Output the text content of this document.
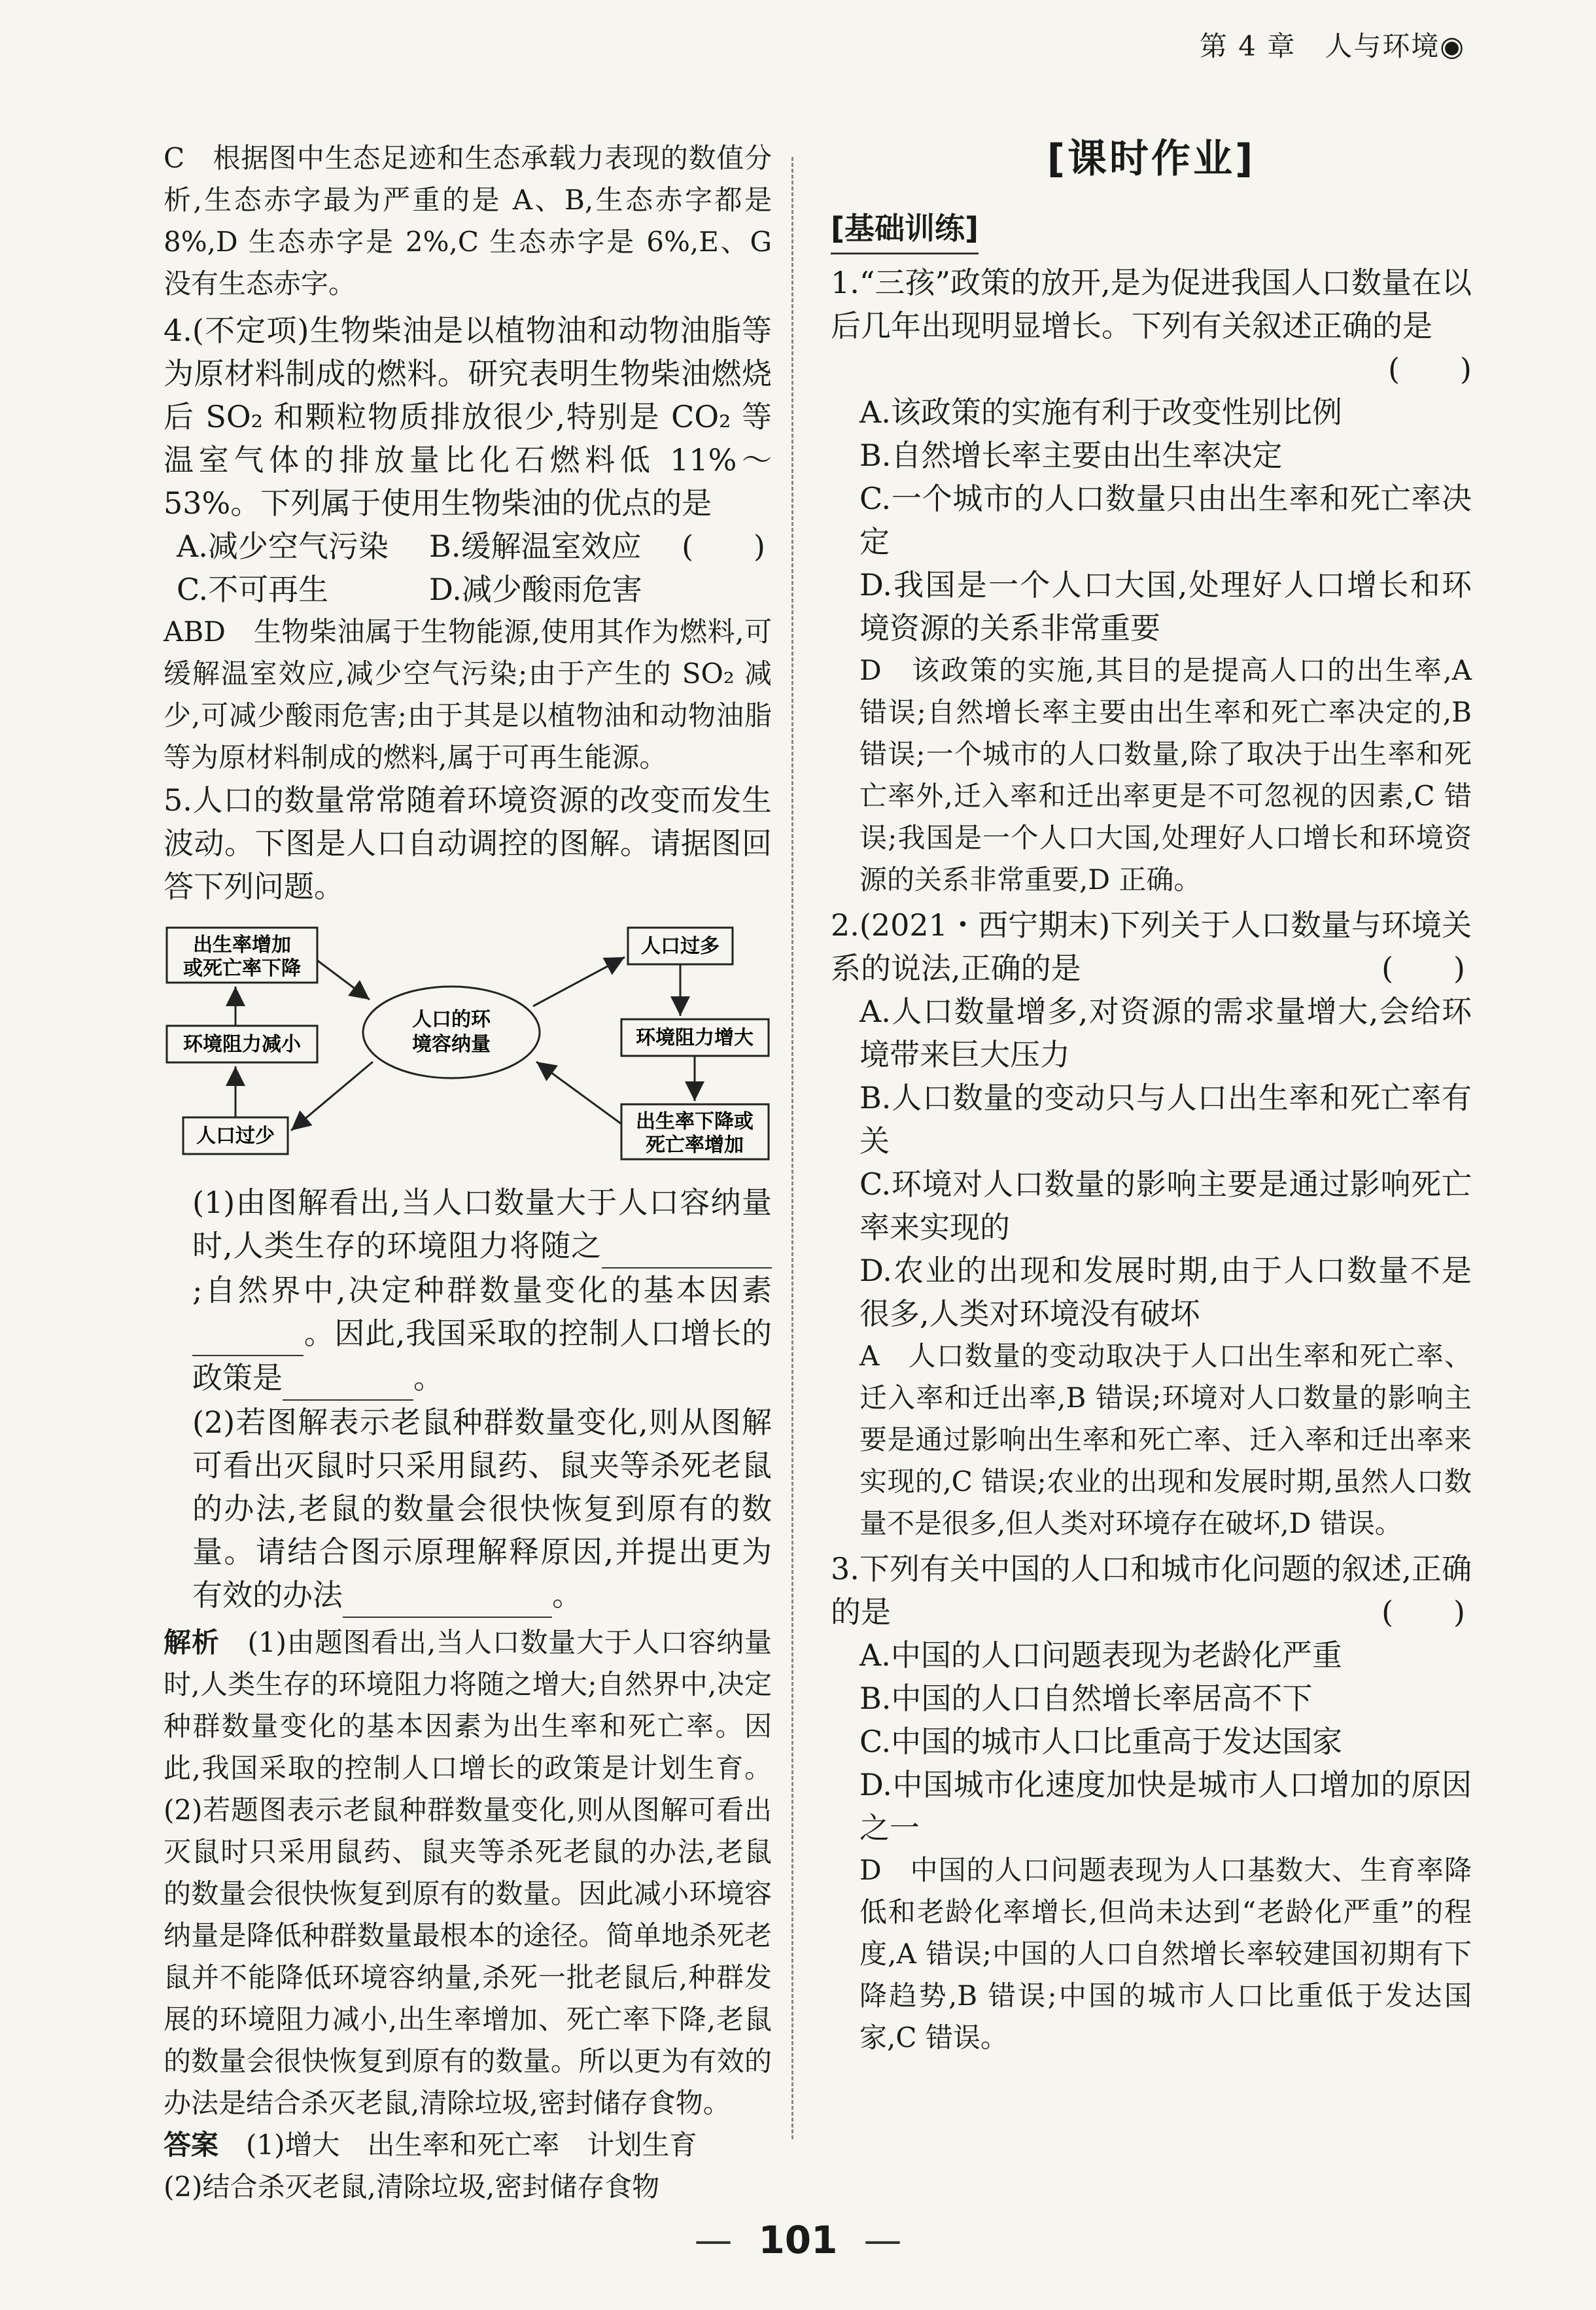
第 4 章　人与环境◉

C　根据图中生态足迹和生态承载力表现的数值分析,生态赤字最为严重的是 A、B,生态赤字都是 8%,D 生态赤字是 2%,C 生态赤字是 6%,E、G 没有生态赤字。

4.(不定项)生物柴油是以植物油和动物油脂等为原材料制成的燃料。研究表明生物柴油燃烧后 SO₂ 和颗粒物质排放很少,特别是 CO₂ 等温室气体的排放量比化石燃料低 11%～53%。下列属于使用生物柴油的优点的是
(　　)

A.减少空气污染	B.缓解温室效应
C.不可再生	D.减少酸雨危害

ABD　生物柴油属于生物能源,使用其作为燃料,可缓解温室效应,减少空气污染;由于产生的 SO₂ 减少,可减少酸雨危害;由于其是以植物油和动物油脂等为原材料制成的燃料,属于可再生能源。

5.人口的数量常常随着环境资源的改变而发生波动。下图是人口自动调控的图解。请据图回答下列问题。

出生率增加
或死亡率下降
人口过多
人口的环
境容纳量
环境阻力减小	环境阻力增大
人口过少
出生率下降或
死亡率增加

(1)由图解看出,当人口数量大于人口容纳量时,人类生存的环境阻力将随之 ;自然界中,决定种群数量变化的基本因素 。因此,我国采取的控制人口增长的政策是	。

(2)若图解表示老鼠种群数量变化,则从图解可看出灭鼠时只采用鼠药、鼠夹等杀死老鼠的办法,老鼠的数量会很快恢复到原有的数量。请结合图示原理解释原因,并提出更为有效的办法	。

解析　 (1)由题图看出,当人口数量大于人口容纳量时,人类生存的环境阻力将随之增大;自然界中,决定种群数量变化的基本因素为出生率和死亡率。因此,我国采取的控制人口增长的政策是计划生育。(2)若题图表示老鼠种群数量变化,则从图解可看出灭鼠时只采用鼠药、鼠夹等杀死老鼠的办法,老鼠的数量会很快恢复到原有的数量。因此减小环境容纳量是降低种群数量最根本的途径。简单地杀死老鼠并不能降低环境容纳量,杀死一批老鼠后,种群发展的环境阻力减小,出生率增加、死亡率下降,老鼠的数量会很快恢复到原有的数量。所以更为有效的办法是结合杀灭老鼠,清除垃圾,密封储存食物。

答案　 (1)增大　出生率和死亡率　计划生育

(2)结合杀灭老鼠,清除垃圾,密封储存食物

[课时作业]
[基础训练]

1.“三孩”政策的放开,是为促进我国人口数量在以后几年出现明显增长。下列有关叙述正确的是

(　　)

A.该政策的实施有利于改变性别比例

B.自然增长率主要由出生率决定

C.一个城市的人口数量只由出生率和死亡率决定

D.我国是一个人口大国,处理好人口增长和环境资源的关系非常重要

D　该政策的实施,其目的是提高人口的出生率,A 错误;自然增长率主要由出生率和死亡率决定的,B 错误;一个城市的人口数量,除了取决于出生率和死亡率外,迁入率和迁出率更是不可忽视的因素,C 错误;我国是一个人口大国,处理好人口增长和环境资源的关系非常重要,D 正确。

2.(2021・西宁期末)下列关于人口数量与环境关系的说法,正确的是	(　　)

A.人口数量增多,对资源的需求量增大,会给环境带来巨大压力

B.人口数量的变动只与人口出生率和死亡率有关

C.环境对人口数量的影响主要是通过影响死亡率来实现的

D.农业的出现和发展时期,由于人口数量不是很多,人类对环境没有破坏

A　人口数量的变动取决于人口出生率和死亡率、迁入率和迁出率,B 错误;环境对人口数量的影响主要是通过影响出生率和死亡率、迁入率和迁出率来实现的,C 错误;农业的出现和发展时期,虽然人口数量不是很多,但人类对环境存在破坏,D 错误。

3.下列有关中国的人口和城市化问题的叙述,正确的是	(　　)

A.中国的人口问题表现为老龄化严重

B.中国的人口自然增长率居高不下

C.中国的城市人口比重高于发达国家

D.中国城市化速度加快是城市人口增加的原因之一

D　中国的人口问题表现为人口基数大、生育率降低和老龄化率增长,但尚未达到“老龄化严重”的程度,A 错误;中国的人口自然增长率较建国初期有下降趋势,B 错误;中国的城市人口比重低于发达国家,C 错误。

— 101 —
